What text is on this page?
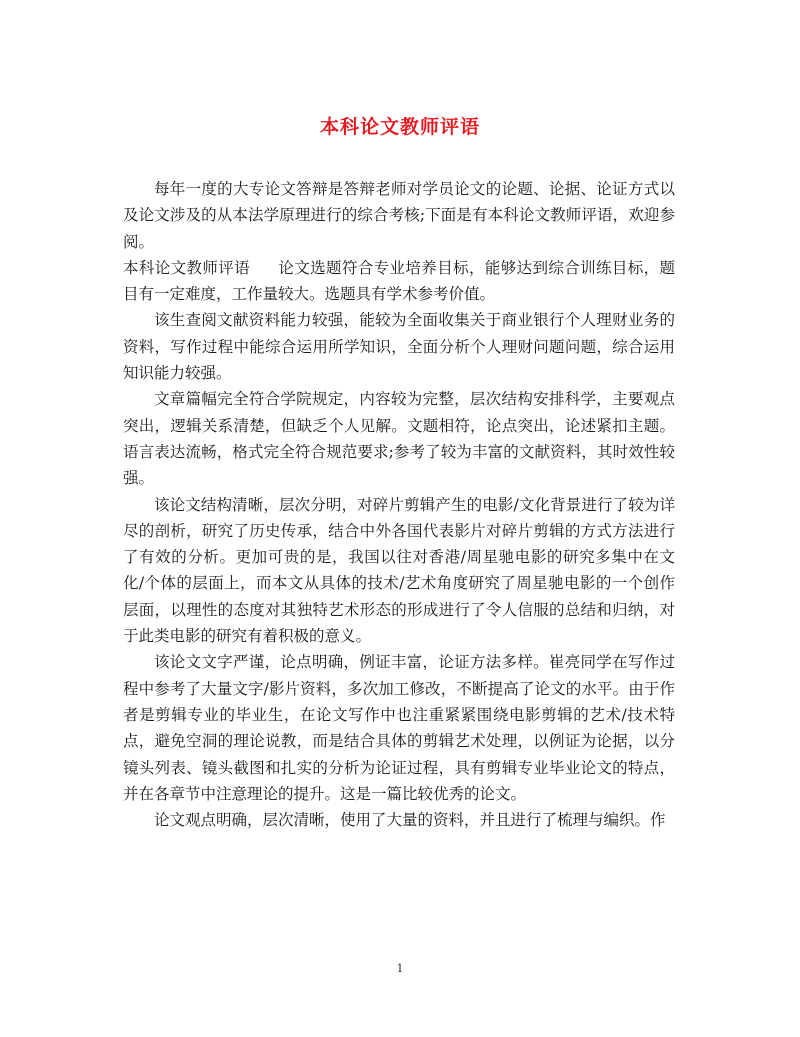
本科论文教师评语

每年一度的大专论文答辩是答辩老师对学员论文的论题、论据、论证方式以及论文涉及的从本法学原理进行的综合考核;下面是有本科论文教师评语，欢迎参阅。

本科论文教师评语 论文选题符合专业培养目标，能够达到综合训练目标，题目有一定难度，工作量较大。选题具有学术参考价值。

该生查阅文献资料能力较强，能较为全面收集关于商业银行个人理财业务的资料，写作过程中能综合运用所学知识，全面分析个人理财问题问题，综合运用知识能力较强。

文章篇幅完全符合学院规定，内容较为完整，层次结构安排科学，主要观点突出，逻辑关系清楚，但缺乏个人见解。文题相符，论点突出，论述紧扣主题。语言表达流畅，格式完全符合规范要求;参考了较为丰富的文献资料，其时效性较强。

该论文结构清晰，层次分明，对碎片剪辑产生的电影/文化背景进行了较为详尽的剖析，研究了历史传承，结合中外各国代表影片对碎片剪辑的方式方法进行了有效的分析。更加可贵的是，我国以往对香港/周星驰电影的研究多集中在文化/个体的层面上，而本文从具体的技术/艺术角度研究了周星驰电影的一个创作层面，以理性的态度对其独特艺术形态的形成进行了令人信服的总结和归纳，对于此类电影的研究有着积极的意义。

该论文文字严谨，论点明确，例证丰富，论证方法多样。崔亮同学在写作过程中参考了大量文字/影片资料，多次加工修改，不断提高了论文的水平。由于作者是剪辑专业的毕业生，在论文写作中也注重紧紧围绕电影剪辑的艺术/技术特点，避免空洞的理论说教，而是结合具体的剪辑艺术处理，以例证为论据，以分镜头列表、镜头截图和扎实的分析为论证过程，具有剪辑专业毕业论文的特点，并在各章节中注意理论的提升。这是一篇比较优秀的论文。

论文观点明确，层次清晰，使用了大量的资料，并且进行了梳理与编织。作

1
